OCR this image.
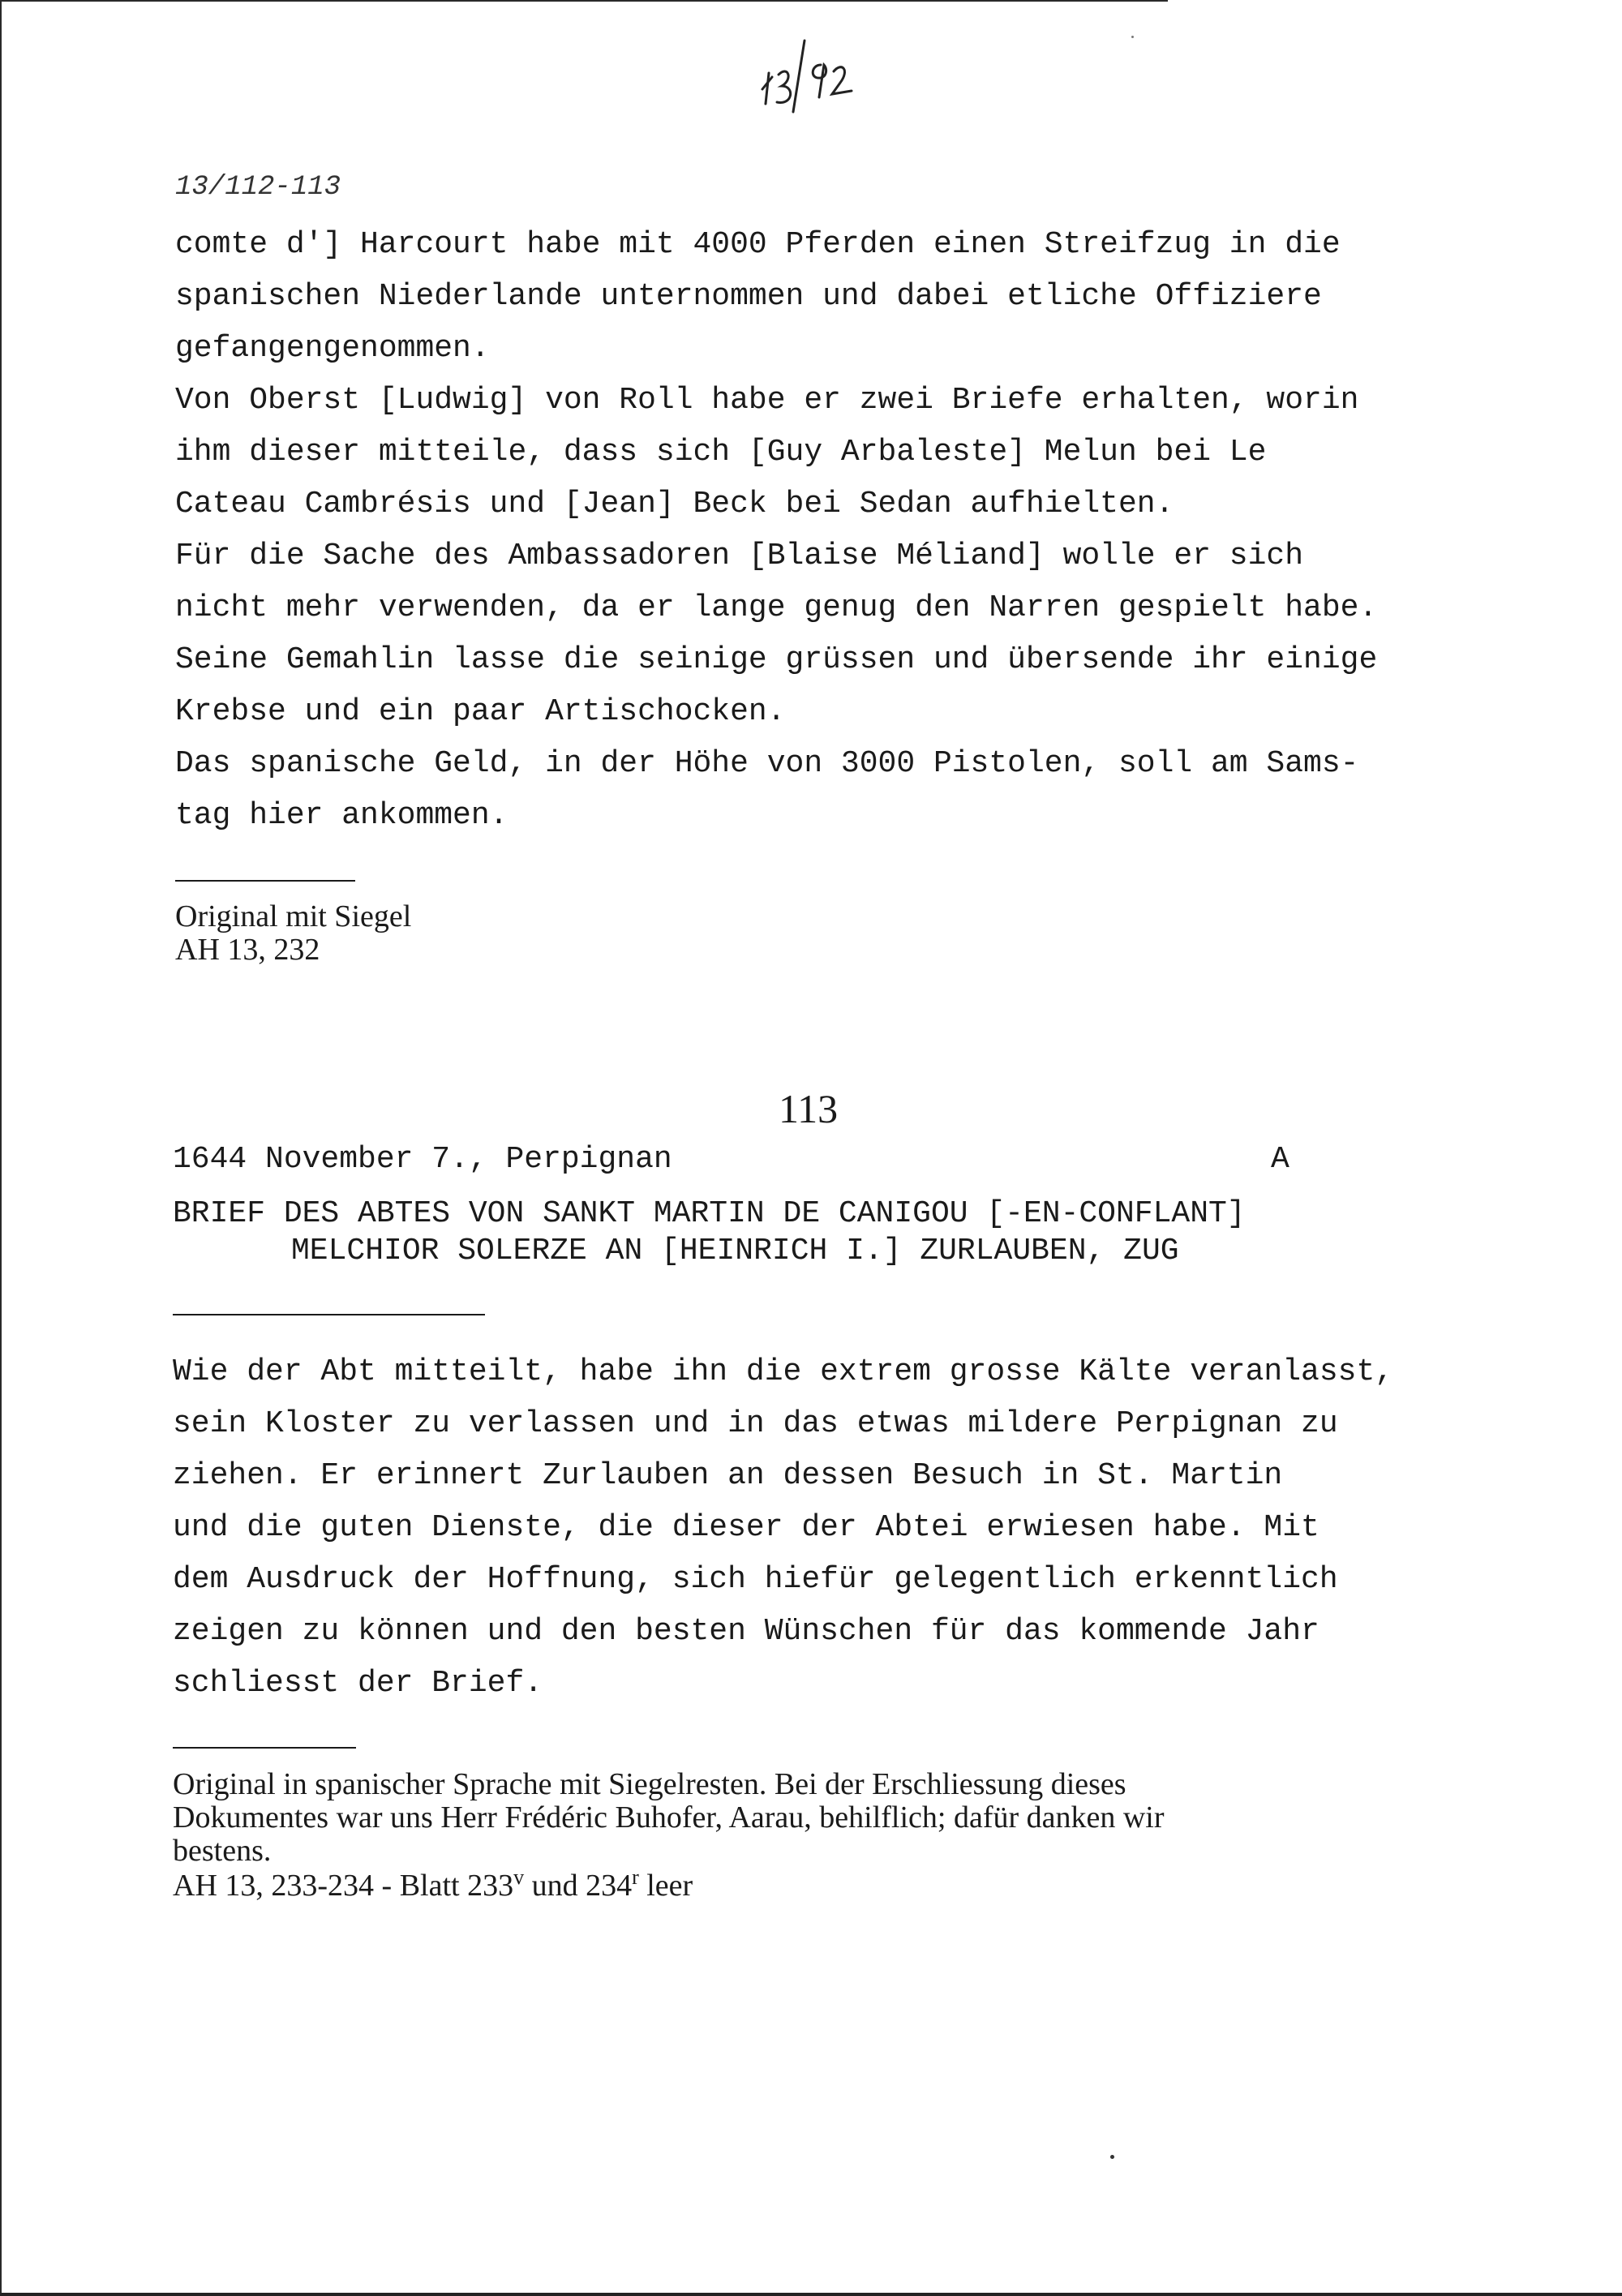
13/112-113
comte d'] Harcourt habe mit 4000 Pferden einen Streifzug in die
spanischen Niederlande unternommen und dabei etliche Offiziere
gefangengenommen.
Von Oberst [Ludwig] von Roll habe er zwei Briefe erhalten, worin
ihm dieser mitteile, dass sich [Guy Arbaleste] Melun bei Le
Cateau Cambrésis und [Jean] Beck bei Sedan aufhielten.
Für die Sache des Ambassadoren [Blaise Méliand] wolle er sich
nicht mehr verwenden, da er lange genug den Narren gespielt habe.
Seine Gemahlin lasse die seinige grüssen und übersende ihr einige
Krebse und ein paar Artischocken.
Das spanische Geld, in der Höhe von 3000 Pistolen, soll am Sams-
tag hier ankommen.
Original mit Siegel
AH 13, 232
113
1644 November 7., Perpignan	A
BRIEF DES ABTES VON SANKT MARTIN DE CANIGOU [-EN-CONFLANT]
MELCHIOR SOLERZE AN [HEINRICH I.] ZURLAUBEN, ZUG
Wie der Abt mitteilt, habe ihn die extrem grosse Kälte veranlasst,
sein Kloster zu verlassen und in das etwas mildere Perpignan zu
ziehen. Er erinnert Zurlauben an dessen Besuch in St. Martin
und die guten Dienste, die dieser der Abtei erwiesen habe. Mit
dem Ausdruck der Hoffnung, sich hiefür gelegentlich erkenntlich
zeigen zu können und den besten Wünschen für das kommende Jahr
schliesst der Brief.
Original in spanischer Sprache mit Siegelresten. Bei der Erschliessung dieses
Dokumentes war uns Herr Frédéric Buhofer, Aarau, behilflich; dafür danken wir
bestens.
AH 13, 233-234 - Blatt 233$^v$ und 234$^r$ leer
